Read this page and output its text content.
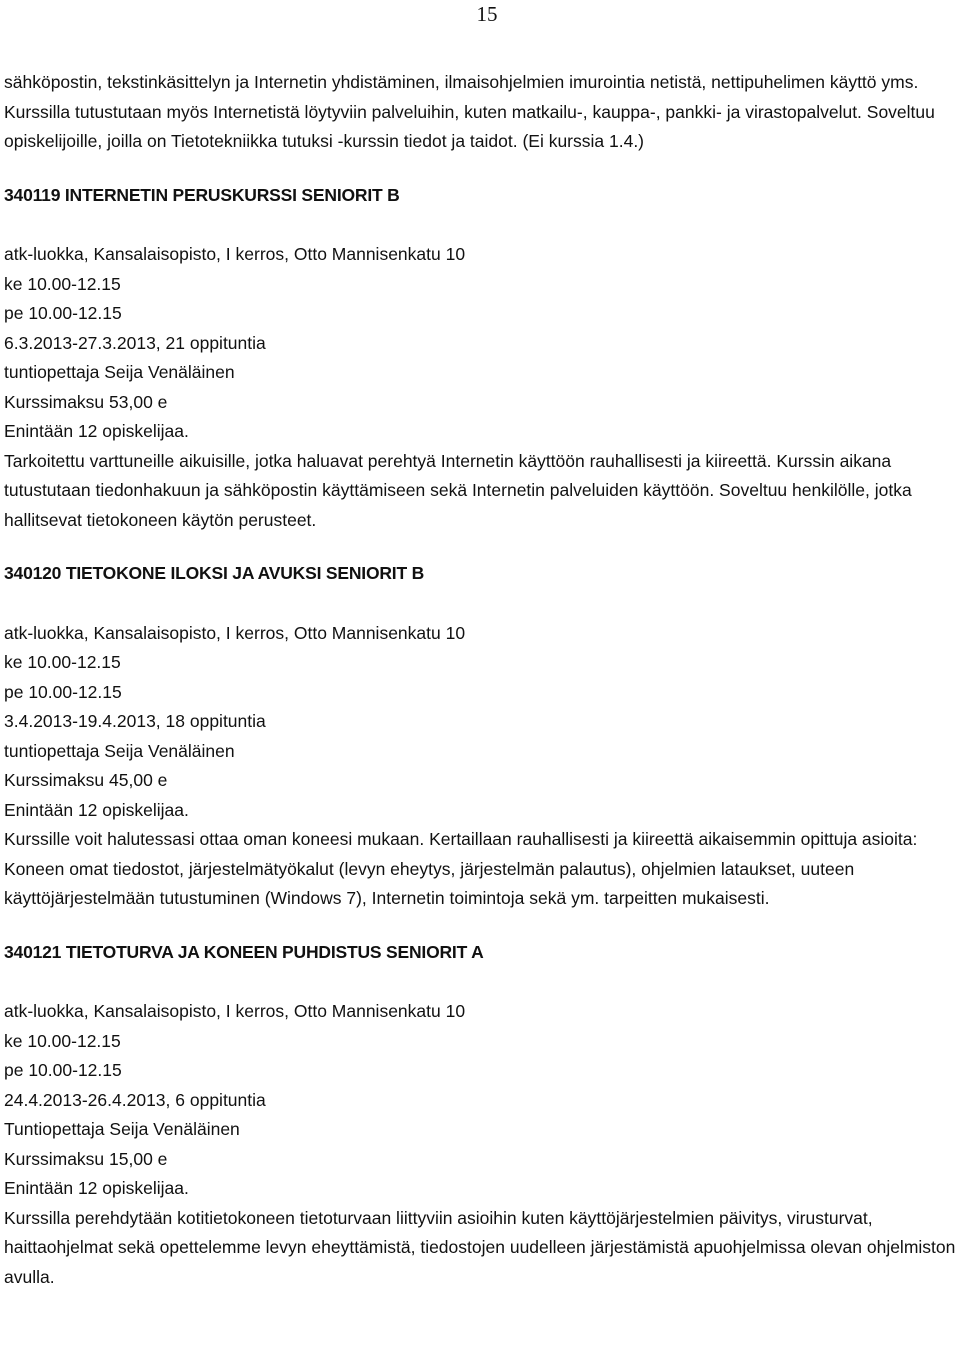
15

sähköpostin, tekstinkäsittelyn ja Internetin yhdistäminen, ilmaisohjelmien imurointia netistä, nettipuhelimen käyttö yms. Kurssilla tutustutaan myös Internetistä löytyviin palveluihin, kuten matkailu-, kauppa-, pankki- ja virastopalvelut. Soveltuu opiskelijoille, joilla on Tietotekniikka tutuksi -kurssin tiedot ja taidot. (Ei kurssia 1.4.)

340119 INTERNETIN PERUSKURSSI SENIORIT B

atk-luokka, Kansalaisopisto, I kerros, Otto Mannisenkatu 10
ke 10.00-12.15
pe 10.00-12.15
6.3.2013-27.3.2013, 21 oppituntia
tuntiopettaja Seija Venäläinen
Kurssimaksu 53,00 e
Enintään 12 opiskelijaa.

Tarkoitettu varttuneille aikuisille, jotka haluavat perehtyä Internetin käyttöön rauhallisesti ja kiireettä. Kurssin aikana tutustutaan tiedonhakuun ja sähköpostin käyttämiseen sekä Internetin palveluiden käyttöön. Soveltuu henkilölle, jotka hallitsevat tietokoneen käytön perusteet.

340120 TIETOKONE ILOKSI JA AVUKSI SENIORIT B

atk-luokka, Kansalaisopisto, I kerros, Otto Mannisenkatu 10
ke 10.00-12.15
pe 10.00-12.15
3.4.2013-19.4.2013, 18 oppituntia
tuntiopettaja Seija Venäläinen
Kurssimaksu 45,00 e
Enintään 12 opiskelijaa.

Kurssille voit halutessasi ottaa oman koneesi mukaan. Kertaillaan rauhallisesti ja kiireettä aikaisemmin opittuja asioita: Koneen omat tiedostot, järjestelmätyökalut (levyn eheytys, järjestelmän palautus), ohjelmien lataukset, uuteen käyttöjärjestelmään tutustuminen (Windows 7), Internetin toimintoja sekä ym. tarpeitten mukaisesti.

340121 TIETOTURVA JA KONEEN PUHDISTUS SENIORIT A

atk-luokka, Kansalaisopisto, I kerros, Otto Mannisenkatu 10
ke 10.00-12.15
pe 10.00-12.15
24.4.2013-26.4.2013, 6 oppituntia
Tuntiopettaja Seija Venäläinen
Kurssimaksu 15,00 e
Enintään 12 opiskelijaa.

Kurssilla perehdytään kotitietokoneen tietoturvaan liittyviin asioihin kuten käyttöjärjestelmien päivitys, virusturvat, haittaohjelmat sekä opettelemme levyn eheyttämistä, tiedostojen uudelleen järjestämistä apuohjelmissa olevan ohjelmiston avulla.
